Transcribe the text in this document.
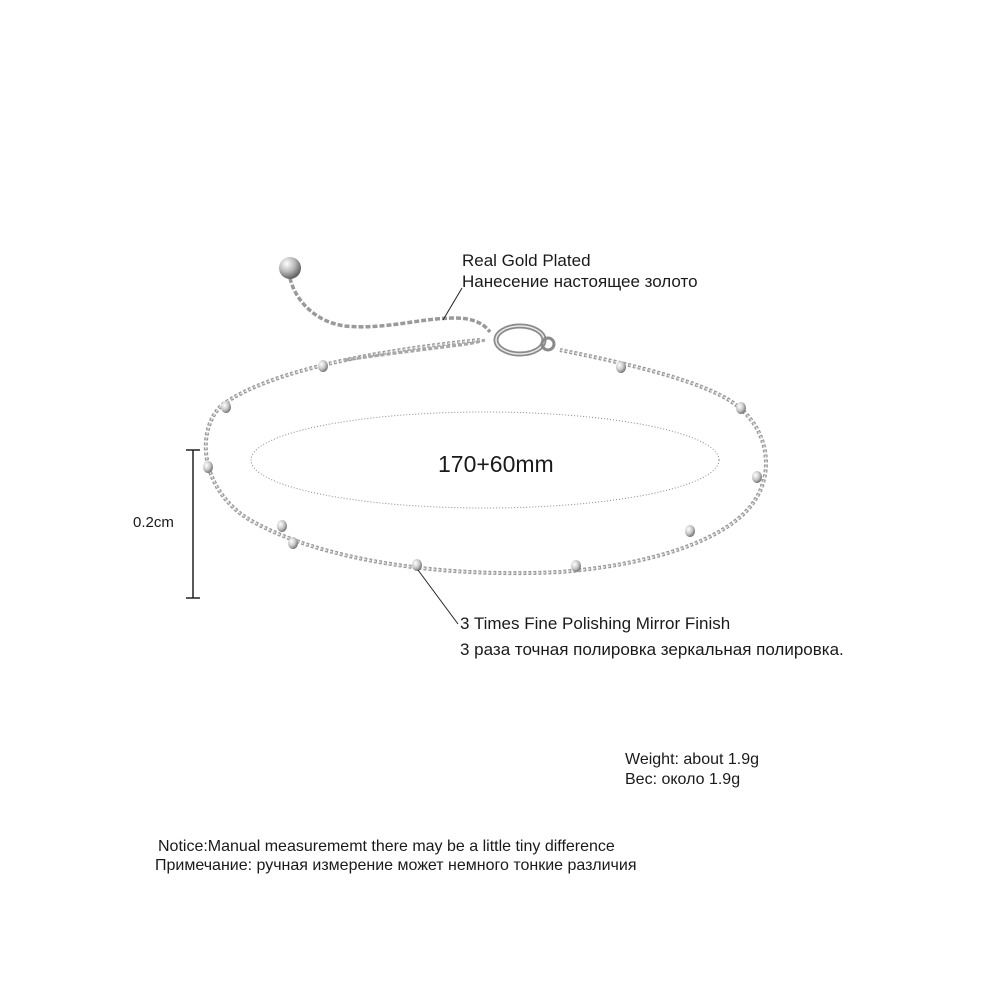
Real Gold Plated
Нанесение настоящее золото
170+60mm
0.2cm
3 Times Fine Polishing Mirror Finish
3 раза точная полировка зеркальная полировка.
Weight: about 1.9g
Вес: около 1.9g
Notice:Manual measurememt there may be a little tiny difference
Примечание: ручная измерение может немного тонкие различия
